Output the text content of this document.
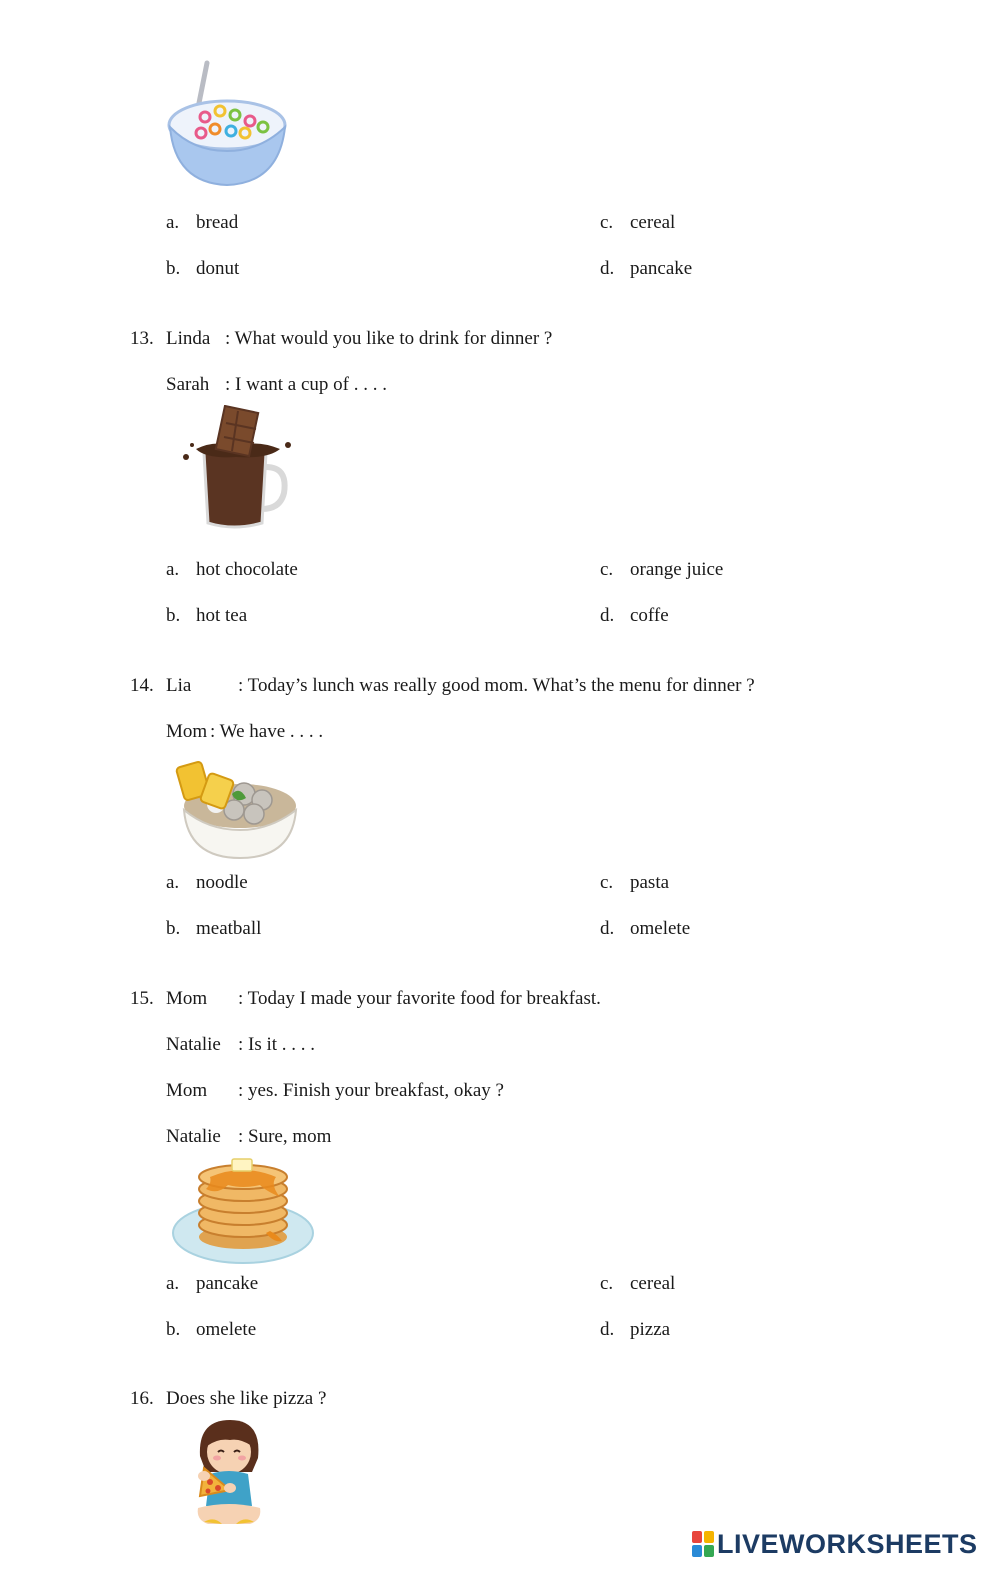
a. bread
b. donut
c. cereal
d. pancake
13. Linda : What would you like to drink for dinner ?
Sarah : I want a cup of . . . .
a. hot chocolate
b. hot tea
c. orange juice
d. coffe
14. Lia : Today’s lunch was really good mom. What’s the menu for dinner ?
Mom : We have . . . .
a. noodle
b. meatball
c. pasta
d. omelete
15. Mom : Today I made your favorite food for breakfast.
Natalie : Is it . . . .
Mom : yes. Finish your breakfast, okay ?
Natalie : Sure, mom
a. pancake
b. omelete
c. cereal
d. pizza
16. Does she like pizza ?
LIVEWORKSHEETS
